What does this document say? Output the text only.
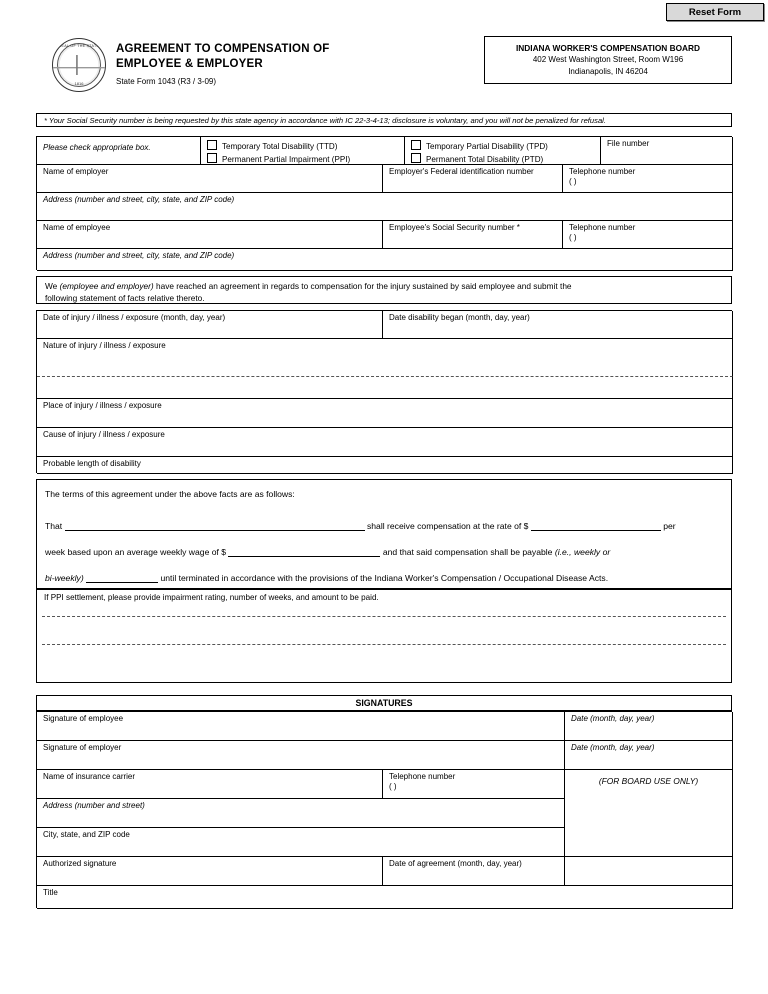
Reset Form
SEAL OF THE STATE
1816
AGREEMENT TO COMPENSATION OF
EMPLOYEE & EMPLOYER
State Form 1043 (R3 / 3-09)
INDIANA WORKER'S COMPENSATION BOARD
402 West Washington Street, Room W196
Indianapolis, IN 46204
* Your Social Security number is being requested by this state agency in accordance with IC 22-3-4-13; disclosure is voluntary, and you will not be penalized for refusal.
Please check appropriate box.	Temporary Total Disability (TTD)
Permanent Partial Impairment (PPI)
Temporary Partial Disability (TPD)
Permanent Total Disability (PTD)
File number
Name of employer	Employer's Federal identification number	Telephone number
( )
Address (number and street, city, state, and ZIP code)
Name of employee	Employee's Social Security number *	Telephone number
( )
Address (number and street, city, state, and ZIP code)
We (employee and employer) have reached an agreement in regards to compensation for the injury sustained by said employee and submit the
following statement of facts relative thereto.
Date of injury / illness / exposure (month, day, year)	Date disability began (month, day, year)
Nature of injury / illness / exposure
Place of injury / illness / exposure
Cause of injury / illness / exposure
Probable length of disability
The terms of this agreement under the above facts are as follows:
That	shall receive compensation at the rate of $	per
week based upon an average weekly wage of $	and that said compensation shall be payable (i.e., weekly or
bi-weekly)	until terminated in accordance with the provisions of the Indiana Worker's Compensation / Occupational Disease Acts.
If PPI settlement, please provide impairment rating, number of weeks, and amount to be paid.
SIGNATURES
Signature of employee	Date (month, day, year)
Signature of employer	Date (month, day, year)
Name of insurance carrier	Telephone number
( )
(FOR BOARD USE ONLY)
Address (number and street)
City, state, and ZIP code
Authorized signature	Date of agreement (month, day, year)
Title
